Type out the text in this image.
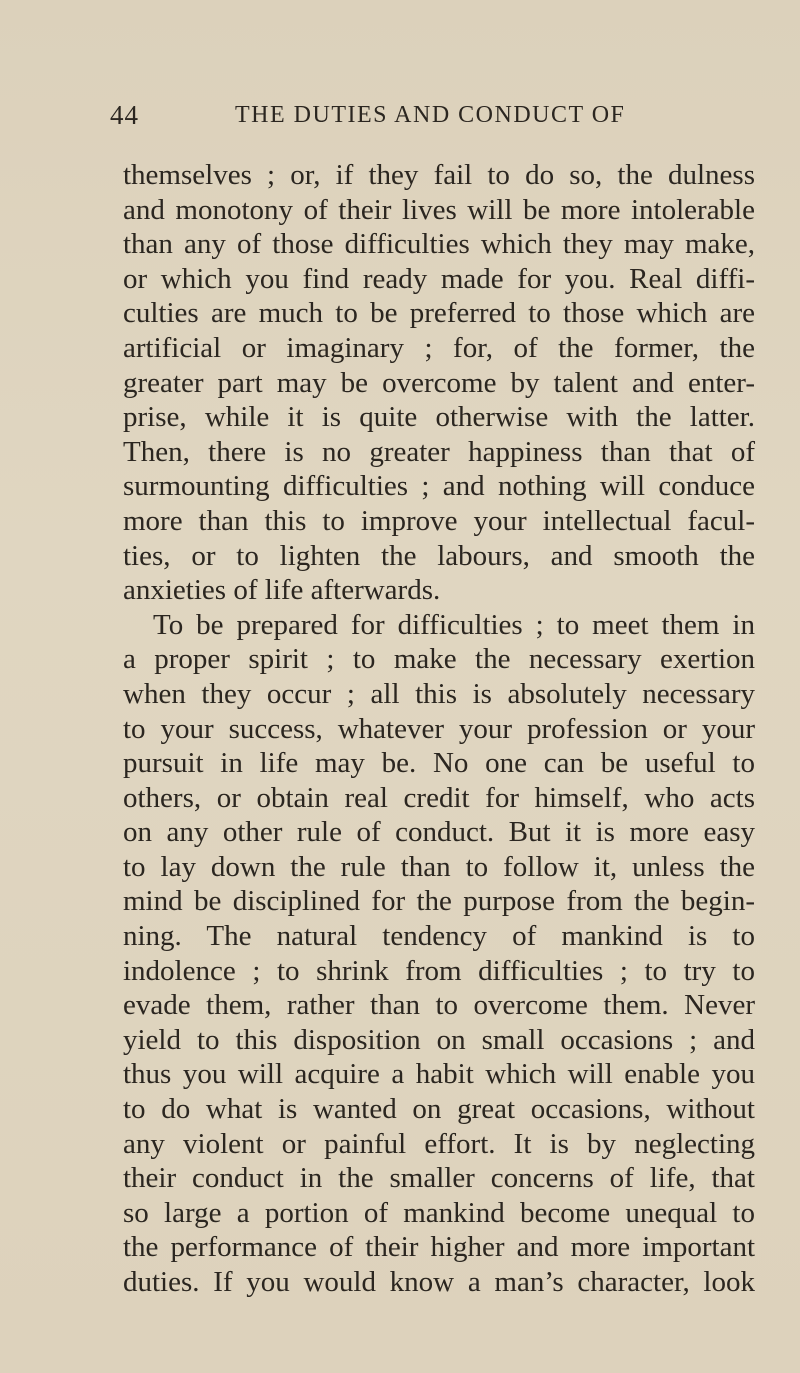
44	THE DUTIES AND CONDUCT OF
themselves ; or, if they fail to do so, the dulness
and monotony of their lives will be more intolerable
than any of those difficulties which they may make,
or which you find ready made for you. Real diffi-
culties are much to be preferred to those which are
artificial or imaginary ; for, of the former, the
greater part may be overcome by talent and enter-
prise, while it is quite otherwise with the latter.
Then, there is no greater happiness than that of
surmounting difficulties ; and nothing will conduce
more than this to improve your intellectual facul-
ties, or to lighten the labours, and smooth the
anxieties of life afterwards.
To be prepared for difficulties ; to meet them in
a proper spirit ; to make the necessary exertion
when they occur ; all this is absolutely necessary
to your success, whatever your profession or your
pursuit in life may be. No one can be useful to
others, or obtain real credit for himself, who acts
on any other rule of conduct. But it is more easy
to lay down the rule than to follow it, unless the
mind be disciplined for the purpose from the begin-
ning. The natural tendency of mankind is to
indolence ; to shrink from difficulties ; to try to
evade them, rather than to overcome them. Never
yield to this disposition on small occasions ; and
thus you will acquire a habit which will enable you
to do what is wanted on great occasions, without
any violent or painful effort. It is by neglecting
their conduct in the smaller concerns of life, that
so large a portion of mankind become unequal to
the performance of their higher and more important
duties. If you would know a man’s character, look
